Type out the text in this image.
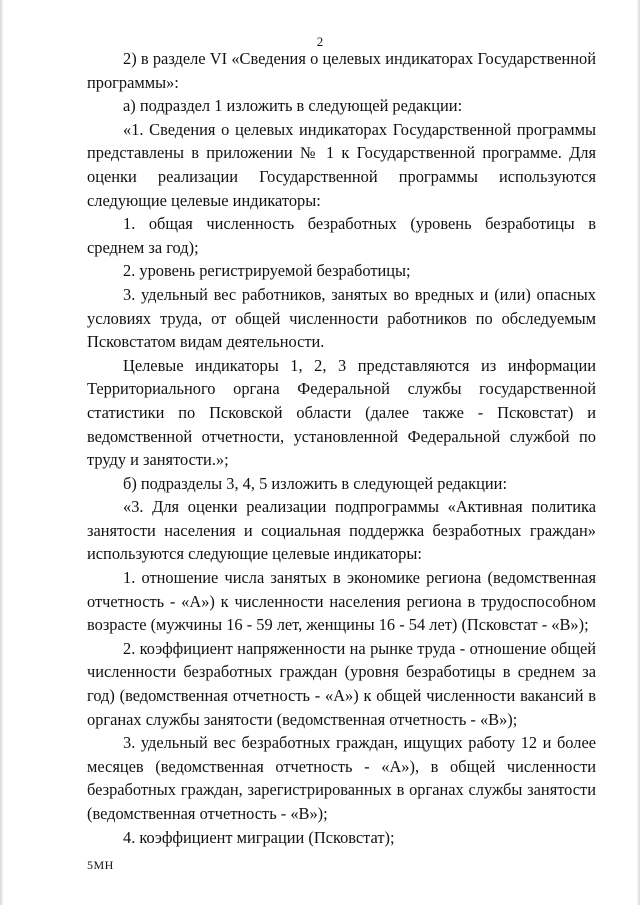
2

2) в разделе VI «Сведения о целевых индикаторах Государственной программы»:

а) подраздел 1 изложить в следующей редакции:

«1. Сведения о целевых индикаторах Государственной программы представлены в приложении № 1 к Государственной программе. Для оценки реализации Государственной программы используются следующие целевые индикаторы:

1. общая численность безработных (уровень безработицы в среднем за год);

2. уровень регистрируемой безработицы;

3. удельный вес работников, занятых во вредных и (или) опасных условиях труда, от общей численности работников по обследуемым Псковстатом видам деятельности.

Целевые индикаторы 1, 2, 3 представляются из информации Территориального органа Федеральной службы государственной статистики по Псковской области (далее также - Псковстат) и ведомственной отчетности, установленной Федеральной службой по труду и занятости.»;

б) подразделы 3, 4, 5 изложить в следующей редакции:

«3. Для оценки реализации подпрограммы «Активная политика занятости населения и социальная поддержка безработных граждан» используются следующие целевые индикаторы:

1. отношение числа занятых в экономике региона (ведомственная отчетность - «А») к численности населения региона в трудоспособном возрасте (мужчины 16 - 59 лет, женщины 16 - 54 лет) (Псковстат - «В»);

2. коэффициент напряженности на рынке труда - отношение общей численности безработных граждан (уровня безработицы в среднем за год) (ведомственная отчетность - «А») к общей численности вакансий в органах службы занятости (ведомственная отчетность - «В»);

3. удельный вес безработных граждан, ищущих работу 12 и более месяцев (ведомственная отчетность - «А»), в общей численности безработных граждан, зарегистрированных в органах службы занятости (ведомственная отчетность - «В»);

4. коэффициент миграции (Псковстат);

5МН
